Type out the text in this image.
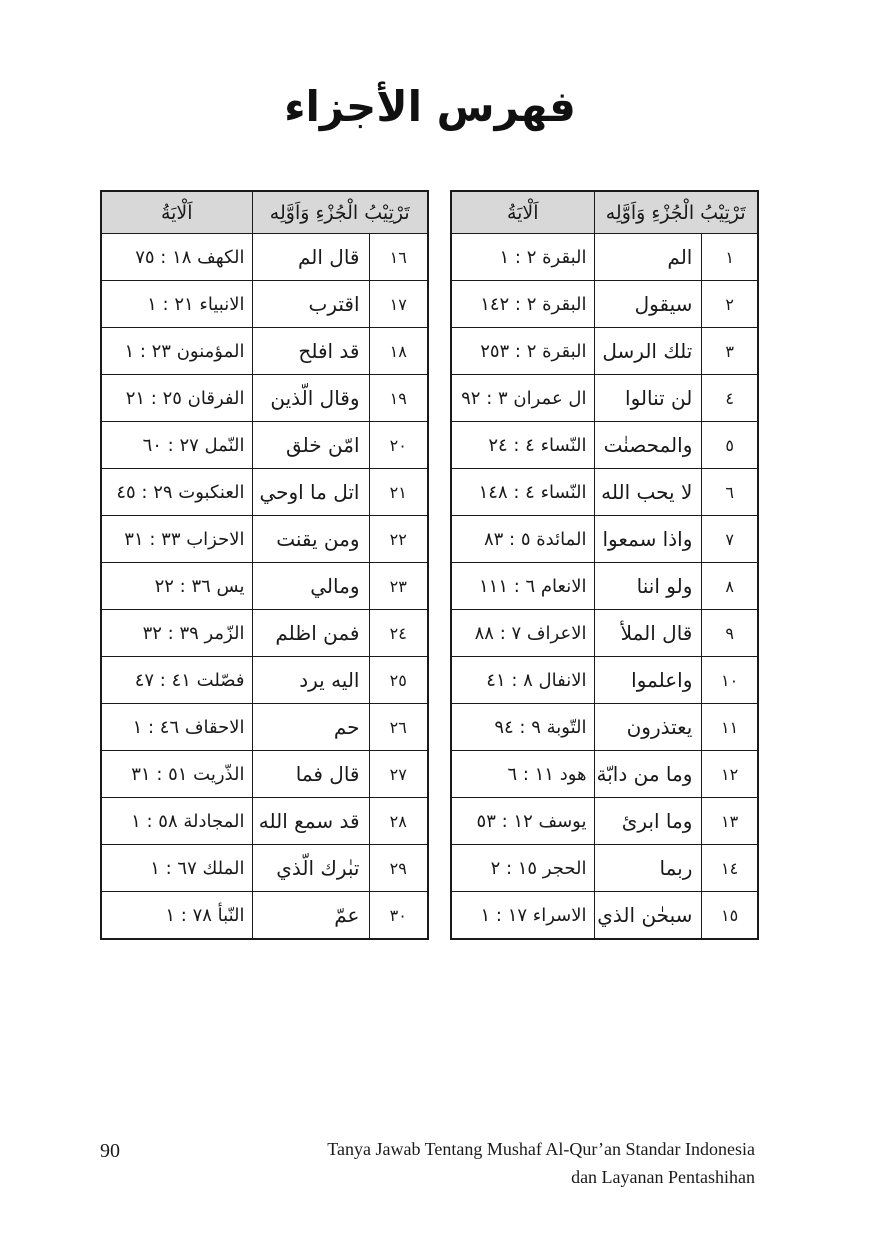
فهرس الأجزاء
تَرْتِيْبُ الْجُزْءِ وَاَوَّلِه		اَلْايَةُ
١٦	قال الم	الكهف ١٨ : ٧٥
١٧	اقترب	الانبياء ٢١ : ١
١٨	قد افلح	المؤمنون ٢٣ : ١
١٩	وقال الّذين	الفرقان ٢٥ : ٢١
٢٠	امّن خلق	النّمل ٢٧ : ٦٠
٢١	اتل ما اوحي	العنكبوت ٢٩ : ٤٥
٢٢	ومن يقنت	الاحزاب ٣٣ : ٣١
٢٣	ومالي	يس ٣٦ : ٢٢
٢٤	فمن اظلم	الزّمر ٣٩ : ٣٢
٢٥	اليه يرد	فصّلت ٤١ : ٤٧
٢٦	حم	الاحقاف ٤٦ : ١
٢٧	قال فما	الذّريت ٥١ : ٣١
٢٨	قد سمع الله	المجادلة ٥٨ : ١
٢٩	تبٰرك الّذي	الملك ٦٧ : ١
٣٠	عمّ	النّبأ ٧٨ : ١
تَرْتِيْبُ الْجُزْءِ وَاَوَّلِه		اَلْايَةُ
١	الم	البقرة ٢ : ١
٢	سيقول	البقرة ٢ : ١٤٢
٣	تلك الرسل	البقرة ٢ : ٢٥٣
٤	لن تنالوا	ال عمران ٣ : ٩٢
٥	والمحصنٰت	النّساء ٤ : ٢٤
٦	لا يحب الله	النّساء ٤ : ١٤٨
٧	واذا سمعوا	المائدة ٥ : ٨٣
٨	ولو اننا	الانعام ٦ : ١١١
٩	قال الملأ	الاعراف ٧ : ٨٨
١٠	واعلموا	الانفال ٨ : ٤١
١١	يعتذرون	التّوبة ٩ : ٩٤
١٢	وما من دابّة	هود ١١ : ٦
١٣	وما ابرئ	يوسف ١٢ : ٥٣
١٤	ربما	الحجر ١٥ : ٢
١٥	سبحٰن الذي	الاسراء ١٧ : ١
90	Tanya Jawab Tentang Mushaf Al-Qur’an Standar Indonesia
dan Layanan Pentashihan
